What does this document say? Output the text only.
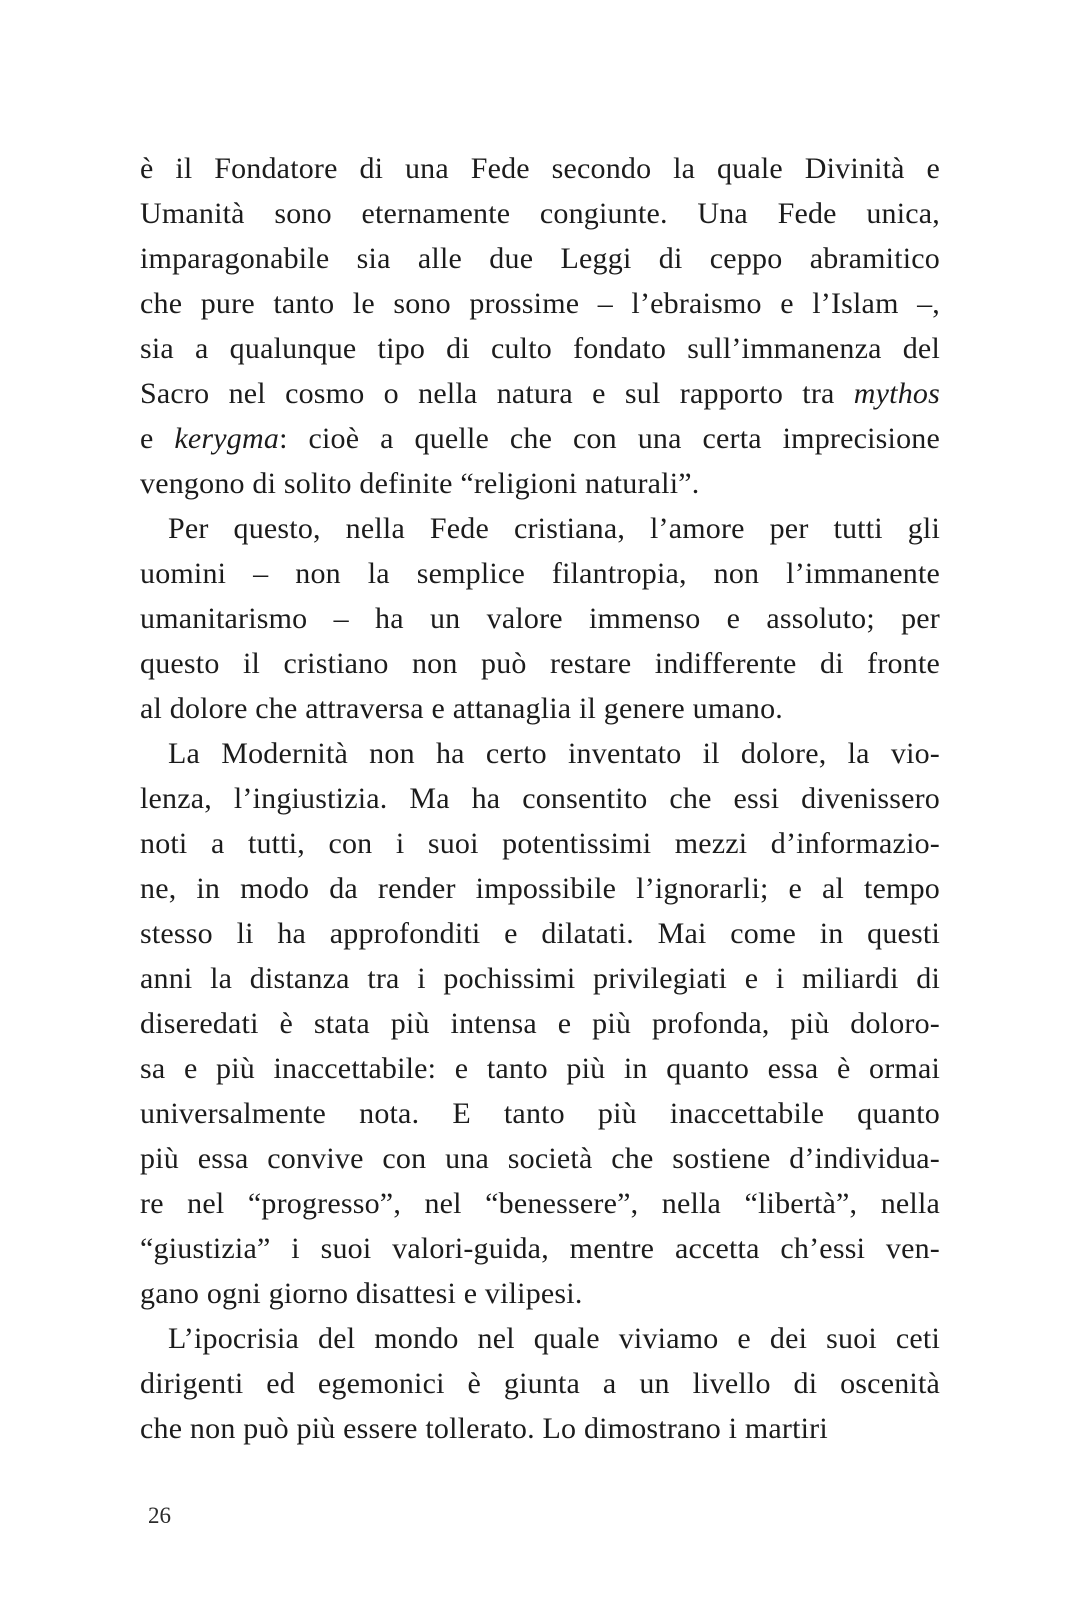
è il Fondatore di una Fede secondo la quale Divinità e
Umanità sono eternamente congiunte. Una Fede unica,
imparagonabile sia alle due Leggi di ceppo abramitico
che pure tanto le sono prossime – l’ebraismo e l’Islam –,
sia a qualunque tipo di culto fondato sull’immanenza del
Sacro nel cosmo o nella natura e sul rapporto tra mythos
e kerygma: cioè a quelle che con una certa imprecisione
vengono di solito definite “religioni naturali”.
Per questo, nella Fede cristiana, l’amore per tutti gli
uomini – non la semplice filantropia, non l’immanente
umanitarismo – ha un valore immenso e assoluto; per
questo il cristiano non può restare indifferente di fronte
al dolore che attraversa e attanaglia il genere umano.
La Modernità non ha certo inventato il dolore, la vio-
lenza, l’ingiustizia. Ma ha consentito che essi divenissero
noti a tutti, con i suoi potentissimi mezzi d’informazio-
ne, in modo da render impossibile l’ignorarli; e al tempo
stesso li ha approfonditi e dilatati. Mai come in questi
anni la distanza tra i pochissimi privilegiati e i miliardi di
diseredati è stata più intensa e più profonda, più doloro-
sa e più inaccettabile: e tanto più in quanto essa è ormai
universalmente nota. E tanto più inaccettabile quanto
più essa convive con una società che sostiene d’individua-
re nel “progresso”, nel “benessere”, nella “libertà”, nella
“giustizia” i suoi valori-guida, mentre accetta ch’essi ven-
gano ogni giorno disattesi e vilipesi.
L’ipocrisia del mondo nel quale viviamo e dei suoi ceti
dirigenti ed egemonici è giunta a un livello di oscenità
che non può più essere tollerato. Lo dimostrano i martiri
26
